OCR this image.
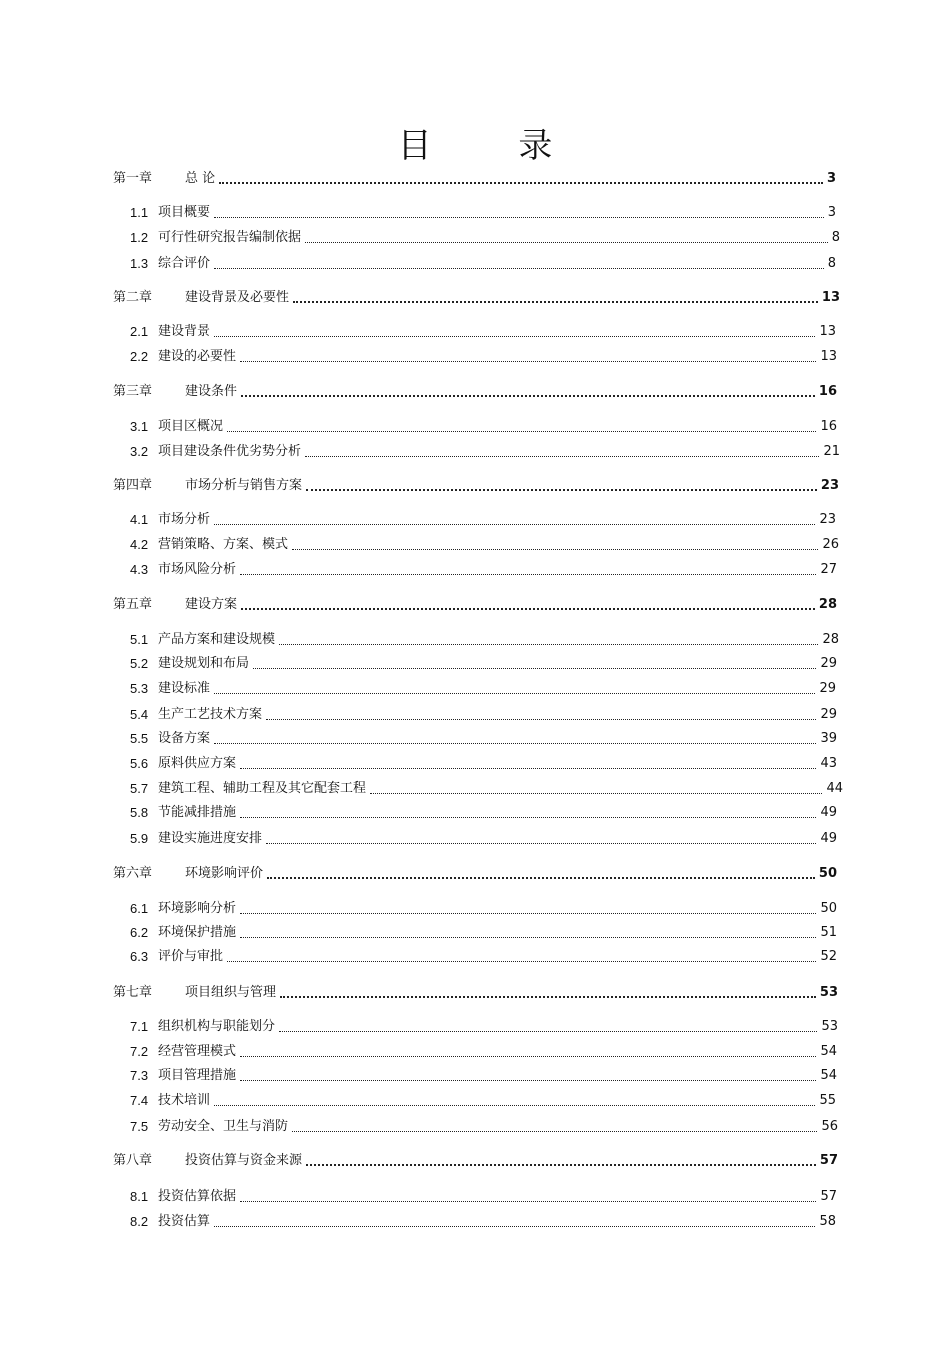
目 录
第一章	总 论	3
1.1 项目概要	3
1.2 可行性研究报告编制依据	8
1.3 综合评价	8
第二章	建设背景及必要性	13
2.1 建设背景	13
2.2 建设的必要性	13
第三章	建设条件	16
3.1 项目区概况	16
3.2 项目建设条件优劣势分析	21
第四章	市场分析与销售方案	23
4.1 市场分析	23
4.2 营销策略、方案、模式	26
4.3 市场风险分析	27
第五章	建设方案	28
5.1 产品方案和建设规模	28
5.2 建设规划和布局	29
5.3 建设标准	29
5.4 生产工艺技术方案	29
5.5 设备方案	39
5.6 原料供应方案	43
5.7 建筑工程、辅助工程及其它配套工程	44
5.8 节能减排措施	49
5.9 建设实施进度安排	49
第六章	环境影响评价	50
6.1 环境影响分析	50
6.2 环境保护措施	51
6.3 评价与审批	52
第七章	项目组织与管理	53
7.1 组织机构与职能划分	53
7.2 经营管理模式	54
7.3 项目管理措施	54
7.4 技术培训	55
7.5 劳动安全、卫生与消防	56
第八章	投资估算与资金来源	57
8.1 投资估算依据	57
8.2 投资估算	58
